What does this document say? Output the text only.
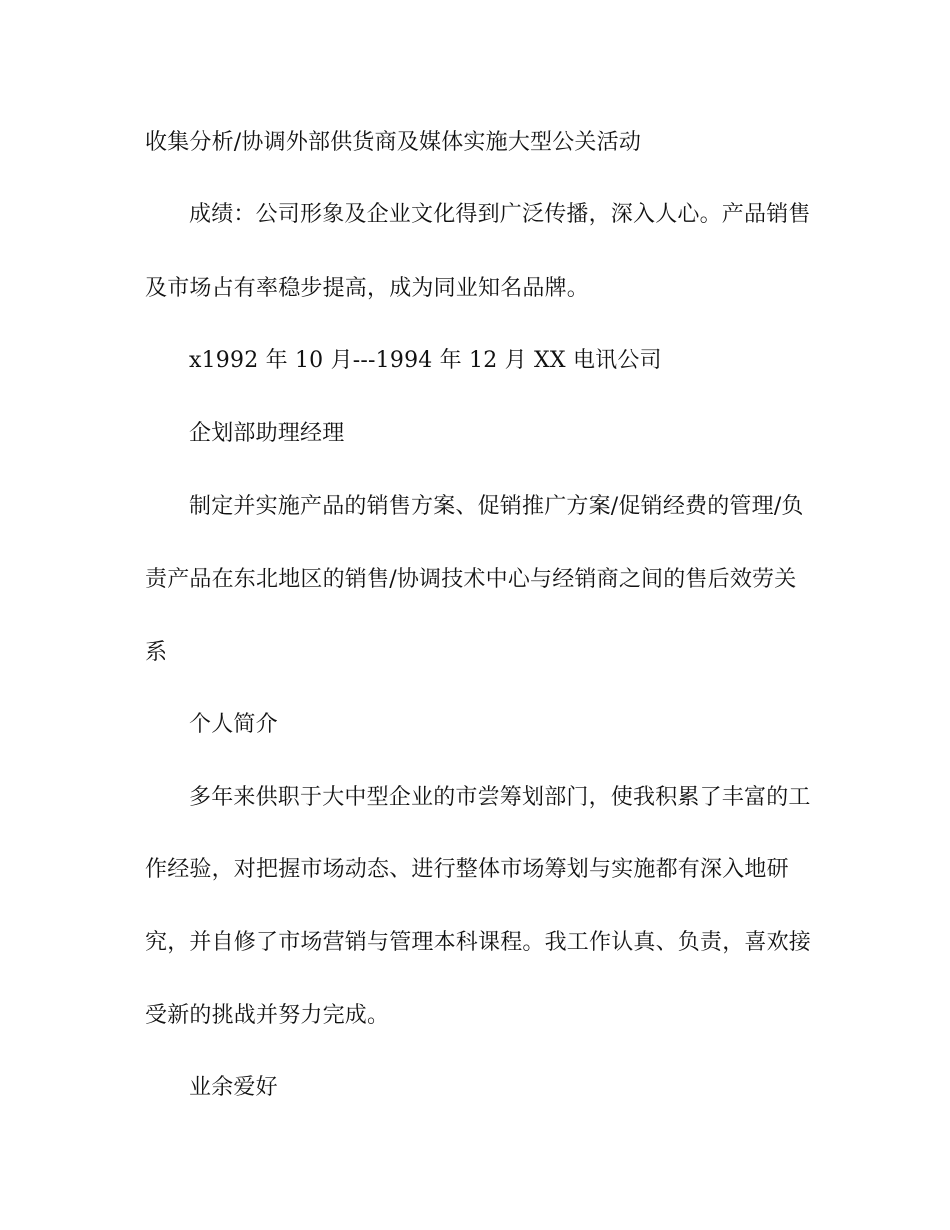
收集分析/协调外部供货商及媒体实施大型公关活动
成绩：公司形象及企业文化得到广泛传播，深入人心。产品销售
及市场占有率稳步提高，成为同业知名品牌。
x1992 年 10 月---1994 年 12 月 XX 电讯公司
企划部助理经理
制定并实施产品的销售方案、促销推广方案/促销经费的管理/负
责产品在东北地区的销售/协调技术中心与经销商之间的售后效劳关
系
个人简介
多年来供职于大中型企业的市尝筹划部门，使我积累了丰富的工
作经验，对把握市场动态、进行整体市场筹划与实施都有深入地研
究，并自修了市场营销与管理本科课程。我工作认真、负责，喜欢接
受新的挑战并努力完成。
业余爱好
